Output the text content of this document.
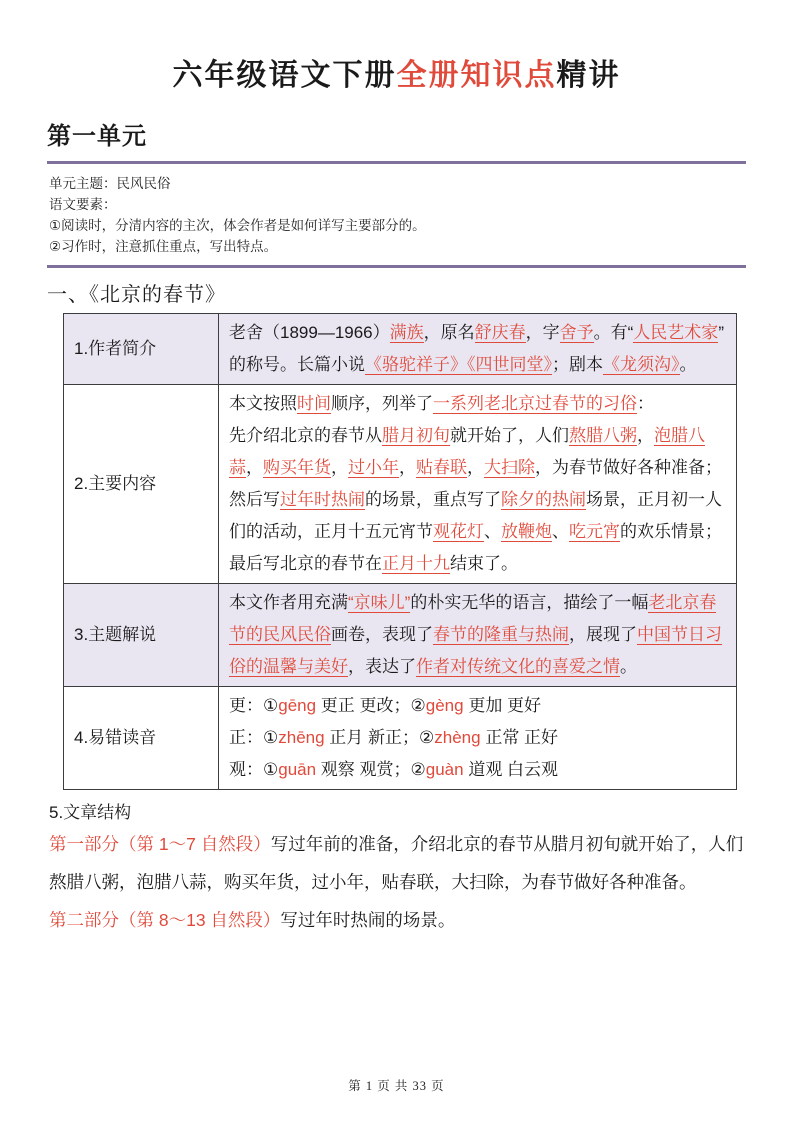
六年级语文下册全册知识点精讲
第一单元
单元主题：民风民俗
语文要素：
①阅读时，分清内容的主次，体会作者是如何详写主要部分的。
②习作时，注意抓住重点，写出特点。
一、《北京的春节》
1.作者简介	老舍（1899—1966）满族，原名舒庆春，字舍予。有“人民艺术家”的称号。长篇小说《骆驼祥子》《四世同堂》；剧本《龙须沟》。
2.主要内容	本文按照时间顺序，列举了一系列老北京过春节的习俗：
先介绍北京的春节从腊月初旬就开始了，人们熬腊八粥，泡腊八蒜，购买年货，过小年，贴春联，大扫除，为春节做好各种准备；
然后写过年时热闹的场景，重点写了除夕的热闹场景，正月初一人们的活动，正月十五元宵节观花灯、放鞭炮、吃元宵的欢乐情景；
最后写北京的春节在正月十九结束了。
3.主题解说	本文作者用充满“京味儿”的朴实无华的语言，描绘了一幅老北京春节的民风民俗画卷，表现了春节的隆重与热闹，展现了中国节日习俗的温馨与美好，表达了作者对传统文化的喜爱之情。
4.易错读音	更：①gēng 更正 更改；②gèng 更加 更好
正：①zhēng 正月 新正；②zhèng 正常 正好
观：①guān 观察 观赏；②guàn 道观 白云观
5.文章结构

第一部分（第 1～7 自然段）写过年前的准备，介绍北京的春节从腊月初旬就开始了，人们熬腊八粥，泡腊八蒜，购买年货，过小年，贴春联，大扫除，为春节做好各种准备。

第二部分（第 8～13 自然段）写过年时热闹的场景。

第 1 页 共 33 页
